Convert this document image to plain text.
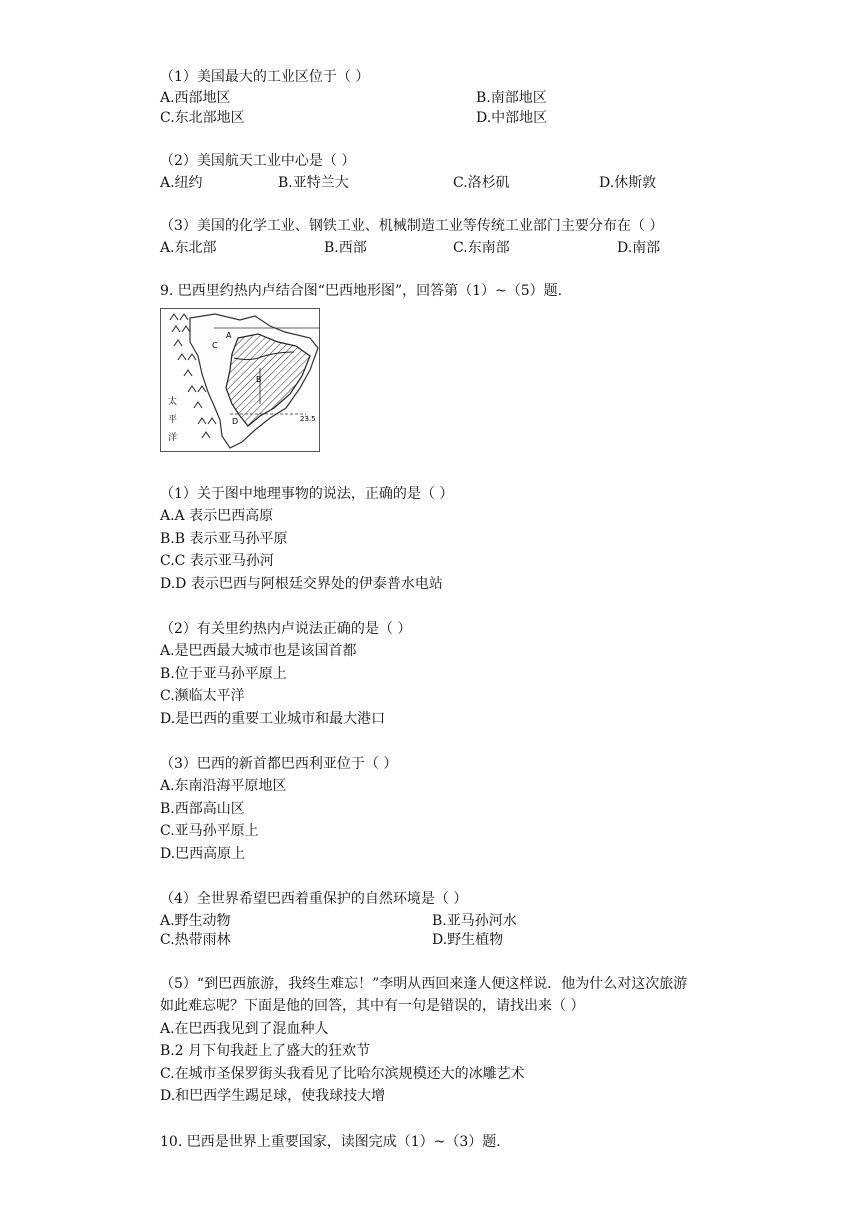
（1）美国最大的工业区位于（ ）
A.西部地区	B.南部地区
C.东北部地区	D.中部地区
（2）美国航天工业中心是（ ）
A.纽约	B.亚特兰大	C.洛杉矶	D.休斯敦
（3）美国的化学工业、钢铁工业、机械制造工业等传统工业部门主要分布在（ ）
A.东北部	B.西部	C.东南部	D.南部
9. 巴西里约热内卢结合图“巴西地形图”，回答第（1）~（5）题.
太
平
洋
A
B
C
D	23.5
（1）关于图中地理事物的说法，正确的是（ ）
A.A 表示巴西高原
B.B 表示亚马孙平原
C.C 表示亚马孙河
D.D 表示巴西与阿根廷交界处的伊泰普水电站
（2）有关里约热内卢说法正确的是（ ）
A.是巴西最大城市也是该国首都
B.位于亚马孙平原上
C.濒临太平洋
D.是巴西的重要工业城市和最大港口
（3）巴西的新首都巴西利亚位于（ ）
A.东南沿海平原地区
B.西部高山区
C.亚马孙平原上
D.巴西高原上
（4）全世界希望巴西着重保护的自然环境是（ ）
A.野生动物	B.亚马孙河水
C.热带雨林	D.野生植物
（5）“到巴西旅游，我终生难忘！”李明从西回来逢人便这样说．他为什么对这次旅游
如此难忘呢？下面是他的回答，其中有一句是错误的，请找出来（ ）
A.在巴西我见到了混血种人
B.2 月下旬我赶上了盛大的狂欢节
C.在城市圣保罗街头我看见了比哈尔滨规模还大的冰雕艺术
D.和巴西学生踢足球，使我球技大增
10. 巴西是世界上重要国家，读图完成（1）~（3）题.
